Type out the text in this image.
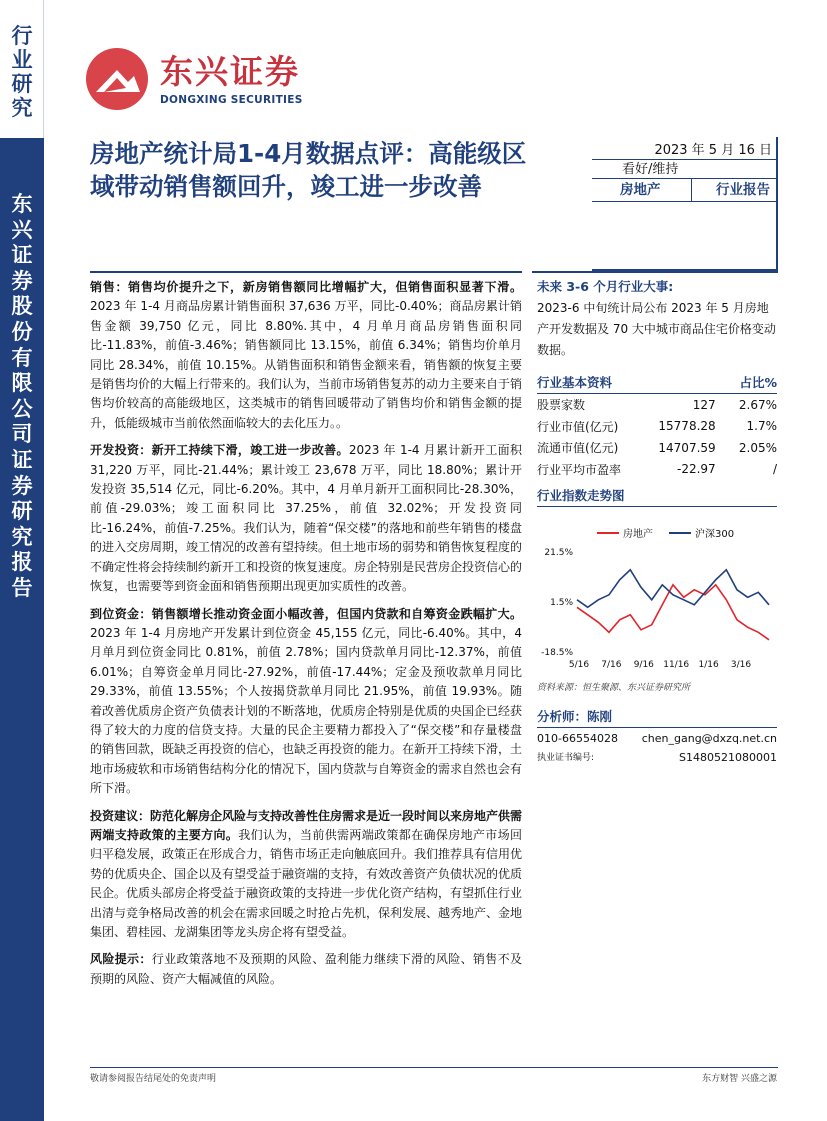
行业研究
东兴证券股份有限公司证券研究报告
东兴证券
DONGXING SECURITIES
房地产统计局1-4月数据点评：高能级区域带动销售额回升，竣工进一步改善
2023 年 5 月 16 日
看好/维持
房地产	行业报告

销售：销售均价提升之下，新房销售额同比增幅扩大，但销售面积显著下滑。2023 年 1-4 月商品房累计销售面积 37,636 万平，同比-0.40%；商品房累计销售金额 39,750 亿元，同比 8.80%.其中，4 月单月商品房销售面积同比-11.83%，前值-3.46%；销售额同比 13.15%，前值 6.34%；销售均价单月同比 28.34%，前值 10.15%。从销售面积和销售金额来看，销售额的恢复主要是销售均价的大幅上行带来的。我们认为，当前市场销售复苏的动力主要来自于销售均价较高的高能级地区，这类城市的销售回暖带动了销售均价和销售金额的提升，低能级城市当前依然面临较大的去化压力。。

开发投资：新开工持续下滑，竣工进一步改善。2023 年 1-4 月累计新开工面积 31,220 万平，同比-21.44%；累计竣工 23,678 万平，同比 18.80%；累计开发投资 35,514 亿元，同比-6.20%。其中，4 月单月新开工面积同比-28.30%，前值-29.03%；竣工面积同比 37.25%，前值 32.02%；开发投资同比-16.24%，前值-7.25%。我们认为，随着“保交楼”的落地和前些年销售的楼盘的进入交房周期，竣工情况的改善有望持续。但土地市场的弱势和销售恢复程度的不确定性将会持续制约新开工和投资的恢复速度。房企特别是民营房企投资信心的恢复，也需要等到资金面和销售预期出现更加实质性的改善。

到位资金：销售额增长推动资金面小幅改善，但国内贷款和自筹资金跌幅扩大。2023 年 1-4 月房地产开发累计到位资金 45,155 亿元，同比-6.40%。其中，4 月单月到位资金同比 0.81%，前值 2.78%；国内贷款单月同比-12.37%，前值 6.01%；自筹资金单月同比-27.92%，前值-17.44%；定金及预收款单月同比 29.33%，前值 13.55%；个人按揭贷款单月同比 21.95%，前值 19.93%。随着改善优质房企资产负债表计划的不断落地，优质房企特别是优质的央国企已经获得了较大的力度的信贷支持。大量的民企主要精力都投入了“保交楼”和存量楼盘的销售回款，既缺乏再投资的信心，也缺乏再投资的能力。在新开工持续下滑，土地市场疲软和市场销售结构分化的情况下，国内贷款与自筹资金的需求自然也会有所下滑。

投资建议：防范化解房企风险与支持改善性住房需求是近一段时间以来房地产供需两端支持政策的主要方向。我们认为，当前供需两端政策都在确保房地产市场回归平稳发展，政策正在形成合力，销售市场正走向触底回升。我们推荐具有信用优势的优质央企、国企以及有望受益于融资端的支持，有效改善资产负债状况的优质民企。优质头部房企将受益于融资政策的支持进一步优化资产结构，有望抓住行业出清与竞争格局改善的机会在需求回暖之时抢占先机，保利发展、越秀地产、金地集团、碧桂园、龙湖集团等龙头房企将有望受益。

风险提示：行业政策落地不及预期的风险、盈利能力继续下滑的风险、销售不及预期的风险、资产大幅减值的风险。

未来 3-6 个月行业大事:
2023-6 中旬统计局公布 2023 年 5 月房地产开发数据及 70 大中城市商品住宅价格变动数据。
行业基本资料	占比%
股票家数	127	2.67%
行业市值(亿元)	15778.28	1.7%
流通市值(亿元)	14707.59	2.05%
行业平均市盈率	-22.97	/
行业指数走势图
房地产	沪深300
21.5%
1.5%
-18.5%
5/16 7/16 9/16 11/16 1/16 3/16
资料来源：恒生聚源、东兴证券研究所
分析师：陈刚
010-66554028 chen_gang@dxzq.net.cn
执业证书编号:	S1480521080001
敬请参阅报告结尾处的免责声明	东方财智 兴盛之源
